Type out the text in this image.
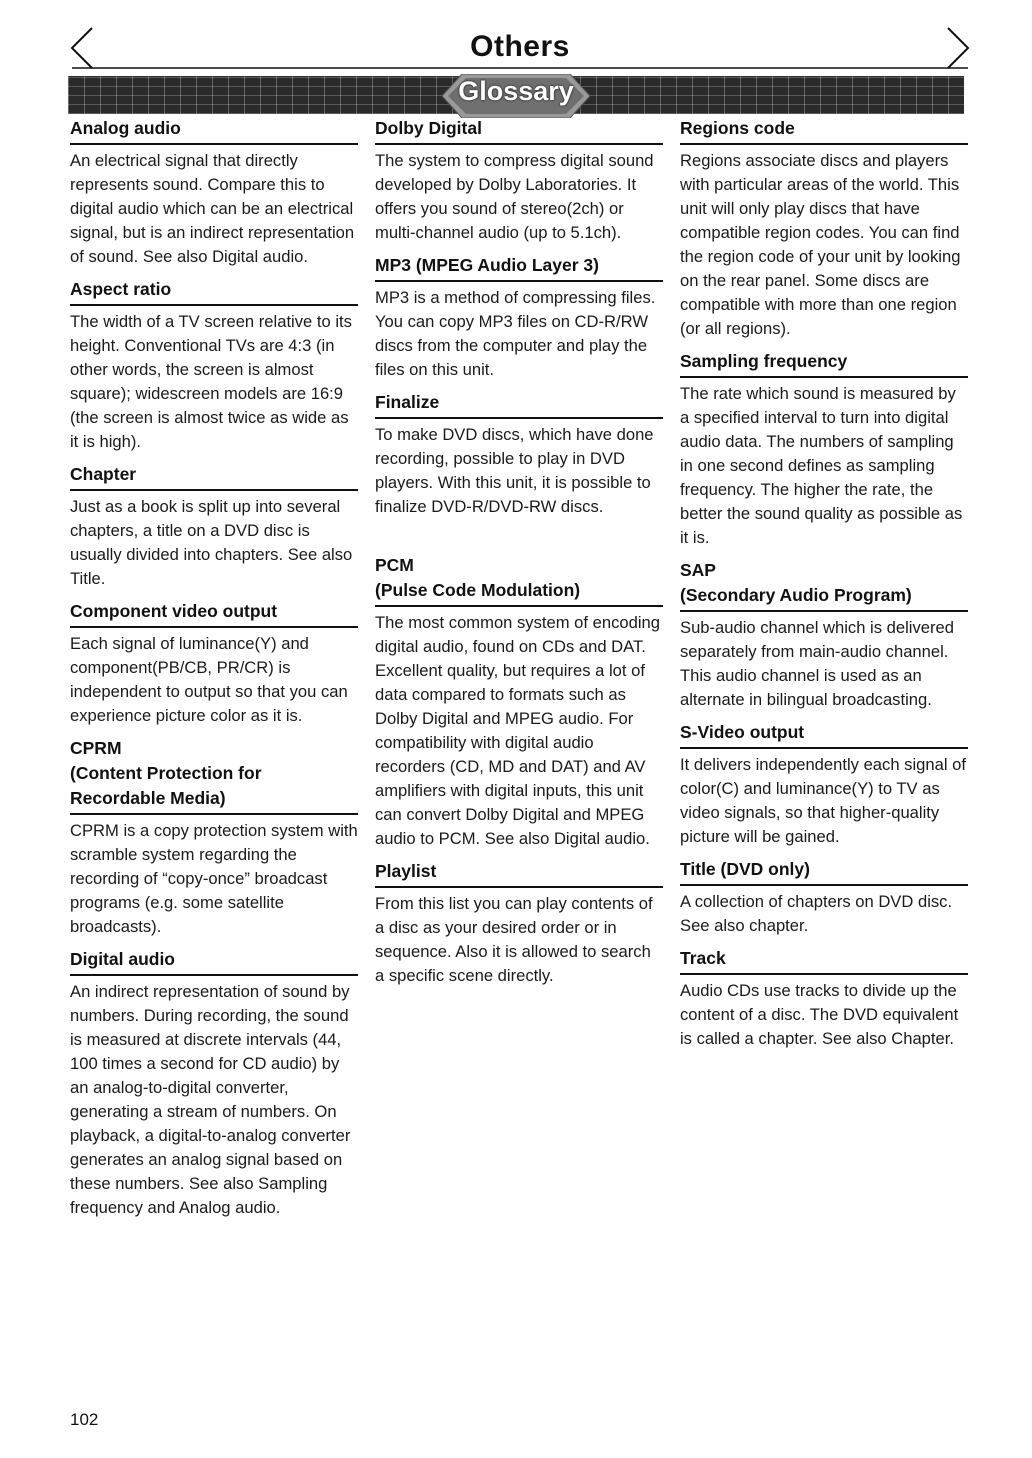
Others
Glossary
Analog audio

An electrical signal that directly represents sound. Compare this to digital audio which can be an electrical signal, but is an indirect representation of sound. See also Digital audio.

Aspect ratio

The width of a TV screen relative to its height. Conventional TVs are 4:3 (in other words, the screen is almost square); widescreen models are 16:9 (the screen is almost twice as wide as it is high).

Chapter

Just as a book is split up into several chapters, a title on a DVD disc is usually divided into chapters. See also Title.

Component video output

Each signal of luminance(Y) and component(PB/CB, PR/CR) is independent to output so that you can experience picture color as it is.

CPRM
(Content Protection for
Recordable Media)

CPRM is a copy protection system with scramble system regarding the recording of “copy-once” broadcast programs (e.g. some satellite broadcasts).

Digital audio

An indirect representation of sound by numbers. During recording, the sound is measured at discrete intervals (44, 100 times a second for CD audio) by an analog-to-digital converter, generating a stream of numbers. On playback, a digital-to-analog converter generates an analog signal based on these numbers. See also Sampling frequency and Analog audio.

Dolby Digital

The system to compress digital sound developed by Dolby Laboratories. It offers you sound of stereo(2ch) or multi-channel audio (up to 5.1ch).

MP3 (MPEG Audio Layer 3)

MP3 is a method of compressing files. You can copy MP3 files on CD-R/RW discs from the computer and play the files on this unit.

Finalize

To make DVD discs, which have done recording, possible to play in DVD players. With this unit, it is possible to finalize DVD-R/DVD-RW discs.

PCM
(Pulse Code Modulation)

The most common system of encoding digital audio, found on CDs and DAT. Excellent quality, but requires a lot of data compared to formats such as Dolby Digital and MPEG audio. For compatibility with digital audio recorders (CD, MD and DAT) and AV amplifiers with digital inputs, this unit can convert Dolby Digital and MPEG audio to PCM. See also Digital audio.

Playlist

From this list you can play contents of a disc as your desired order or in sequence. Also it is allowed to search a specific scene directly.

Regions code

Regions associate discs and players with particular areas of the world. This unit will only play discs that have compatible region codes. You can find the region code of your unit by looking on the rear panel. Some discs are compatible with more than one region (or all regions).

Sampling frequency

The rate which sound is measured by a specified interval to turn into digital audio data. The numbers of sampling in one second defines as sampling frequency. The higher the rate, the better the sound quality as possible as it is.

SAP
(Secondary Audio Program)

Sub-audio channel which is delivered separately from main-audio channel. This audio channel is used as an alternate in bilingual broadcasting.

S-Video output

It delivers independently each signal of color(C) and luminance(Y) to TV as video signals, so that higher-quality picture will be gained.

Title (DVD only)

A collection of chapters on DVD disc. See also chapter.

Track

Audio CDs use tracks to divide up the content of a disc. The DVD equivalent is called a chapter. See also Chapter.

102
